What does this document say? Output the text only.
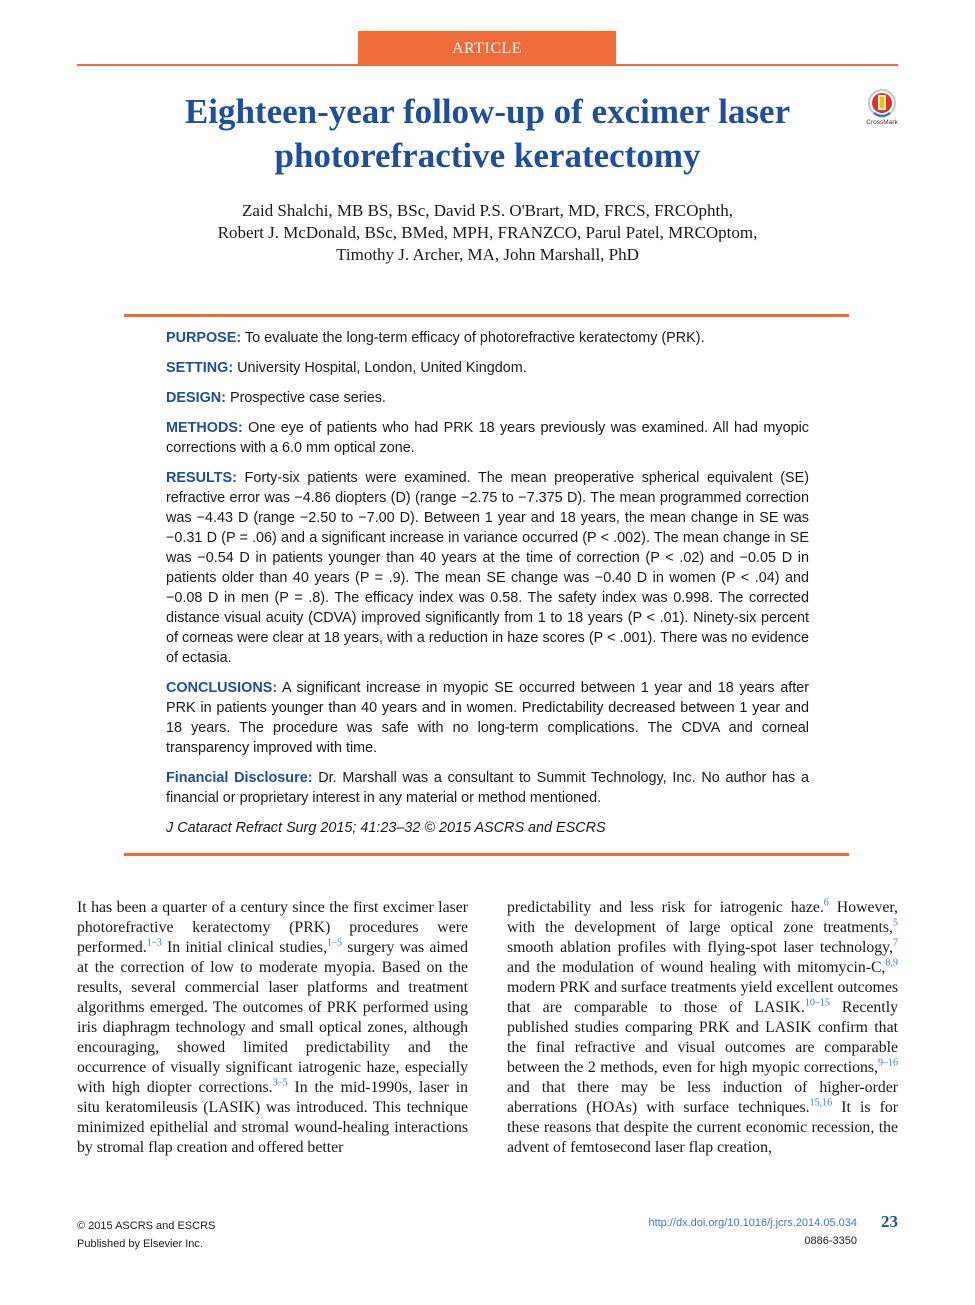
ARTICLE
Eighteen-year follow-up of excimer laser photorefractive keratectomy
CrossMark
Zaid Shalchi, MB BS, BSc, David P.S. O'Brart, MD, FRCS, FRCOphth,
Robert J. McDonald, BSc, BMed, MPH, FRANZCO, Parul Patel, MRCOptom,
Timothy J. Archer, MA, John Marshall, PhD

PURPOSE: To evaluate the long-term efficacy of photorefractive keratectomy (PRK).

SETTING: University Hospital, London, United Kingdom.

DESIGN: Prospective case series.

METHODS: One eye of patients who had PRK 18 years previously was examined. All had myopic corrections with a 6.0 mm optical zone.

RESULTS: Forty-six patients were examined. The mean preoperative spherical equivalent (SE) refractive error was −4.86 diopters (D) (range −2.75 to −7.375 D). The mean programmed correction was −4.43 D (range −2.50 to −7.00 D). Between 1 year and 18 years, the mean change in SE was −0.31 D (P = .06) and a significant increase in variance occurred (P < .002). The mean change in SE was −0.54 D in patients younger than 40 years at the time of correction (P < .02) and −0.05 D in patients older than 40 years (P = .9). The mean SE change was −0.40 D in women (P < .04) and −0.08 D in men (P = .8). The efficacy index was 0.58. The safety index was 0.998. The corrected distance visual acuity (CDVA) improved significantly from 1 to 18 years (P < .01). Ninety-six percent of corneas were clear at 18 years, with a reduction in haze scores (P < .001). There was no evidence of ectasia.

CONCLUSIONS: A significant increase in myopic SE occurred between 1 year and 18 years after PRK in patients younger than 40 years and in women. Predictability decreased between 1 year and 18 years. The procedure was safe with no long-term complications. The CDVA and corneal transparency improved with time.

Financial Disclosure: Dr. Marshall was a consultant to Summit Technology, Inc. No author has a financial or proprietary interest in any material or method mentioned.

J Cataract Refract Surg 2015; 41:23–32 © 2015 ASCRS and ESCRS

It has been a quarter of a century since the first excimer laser photorefractive keratectomy (PRK) procedures were performed.$^{1-3}$ In initial clinical studies,$^{1-5}$ surgery was aimed at the correction of low to moderate myopia. Based on the results, several commercial laser platforms and treatment algorithms emerged. The outcomes of PRK performed using iris diaphragm technology and small optical zones, although encouraging, showed limited predictability and the occurrence of visually significant iatrogenic haze, especially with high diopter corrections.$^{3-5}$ In the mid-1990s, laser in situ keratomileusis (LASIK) was introduced. This technique minimized epithelial and stromal wound-healing interactions by stromal flap creation and offered better

predictability and less risk for iatrogenic haze.$^6$ However, with the development of large optical zone treatments,$^5$ smooth ablation profiles with flying-spot laser technology,$^7$ and the modulation of wound healing with mitomycin-C,$^{8,9}$ modern PRK and surface treatments yield excellent outcomes that are comparable to those of LASIK.$^{10-15}$ Recently published studies comparing PRK and LASIK confirm that the final refractive and visual outcomes are comparable between the 2 methods, even for high myopic corrections,$^{9-16}$ and that there may be less induction of higher-order aberrations (HOAs) with surface techniques.$^{15,16}$ It is for these reasons that despite the current economic recession, the advent of femtosecond laser flap creation,

© 2015 ASCRS and ESCRS
Published by Elsevier Inc.
http://dx.doi.org/10.1016/j.jcrs.2014.05.034
0886-3350
23
